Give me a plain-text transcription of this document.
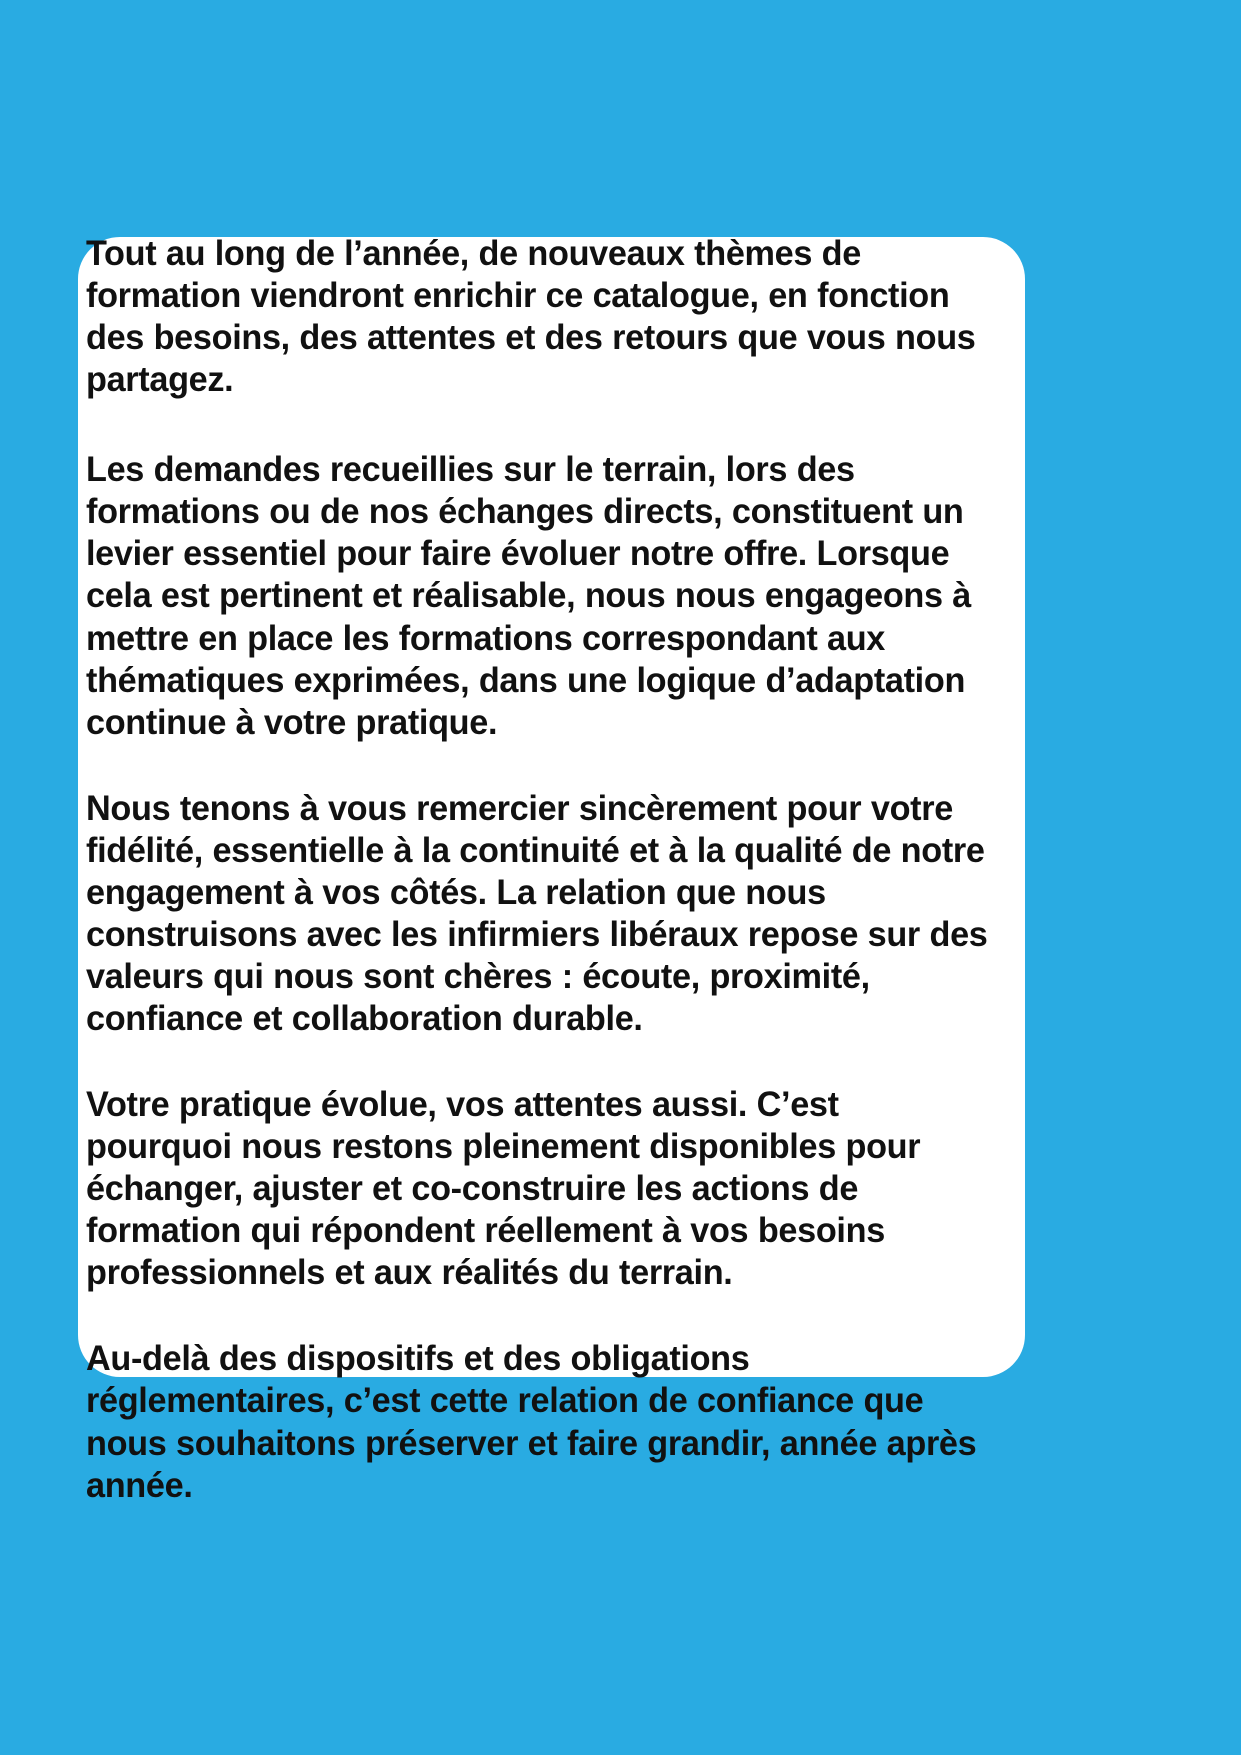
Tout au long de l’année, de nouveaux thèmes de formation viendront enrichir ce catalogue, en fonction des besoins, des attentes et des retours que vous nous partagez.

Les demandes recueillies sur le terrain, lors des formations ou de nos échanges directs, constituent un levier essentiel pour faire évoluer notre offre. Lorsque cela est pertinent et réalisable, nous nous engageons à mettre en place les formations correspondant aux thématiques exprimées, dans une logique d’adaptation continue à votre pratique.

Nous tenons à vous remercier sincèrement pour votre fidélité, essentielle à la continuité et à la qualité de notre engagement à vos côtés. La relation que nous construisons avec les infirmiers libéraux repose sur des valeurs qui nous sont chères : écoute, proximité, confiance et collaboration durable.

Votre pratique évolue, vos attentes aussi. C’est pourquoi nous restons pleinement disponibles pour échanger, ajuster et co-construire les actions de formation qui répondent réellement à vos besoins professionnels et aux réalités du terrain.

Au-delà des dispositifs et des obligations réglementaires, c’est cette relation de confiance que nous souhaitons préserver et faire grandir, année après année.
